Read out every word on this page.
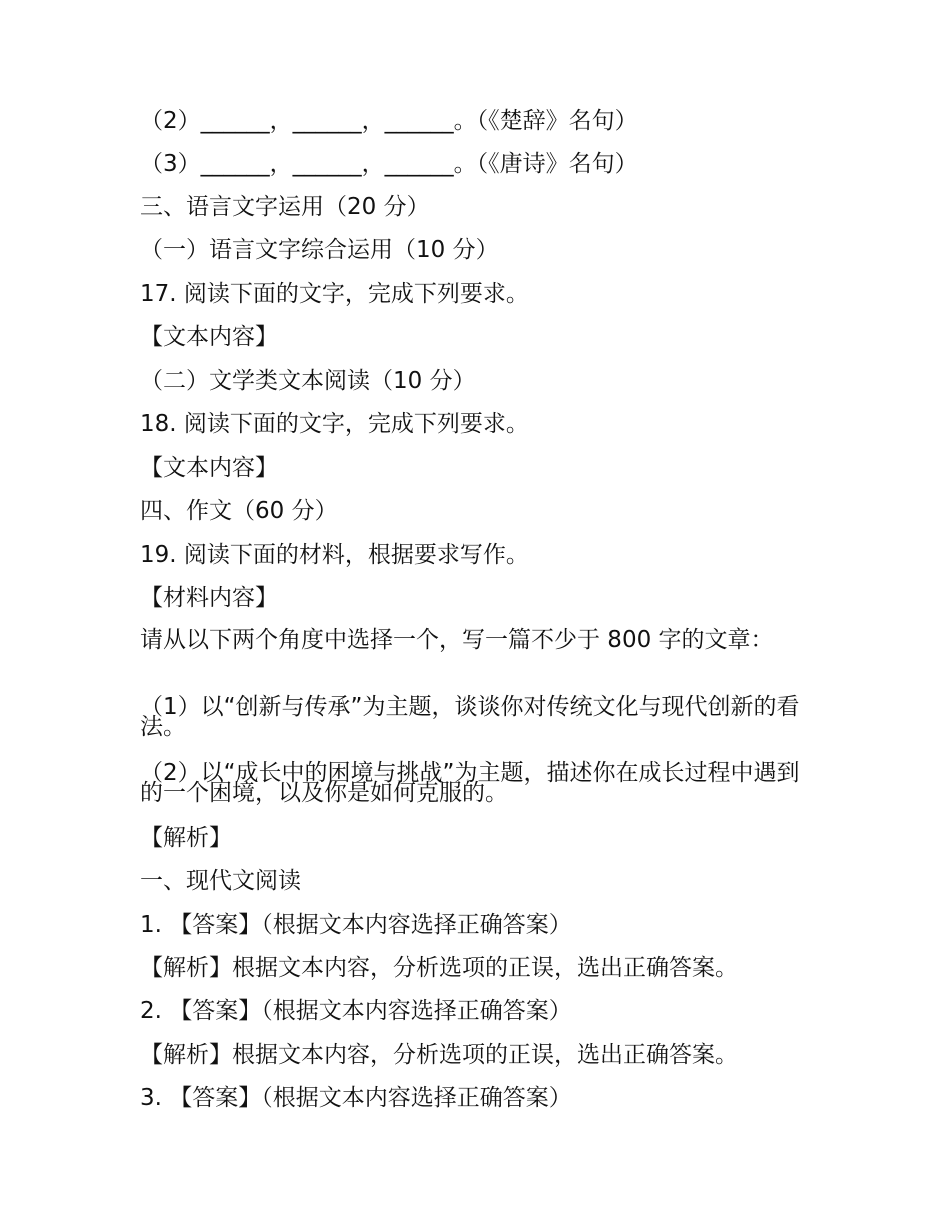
（2）______，______，______。（《楚辞》名句）
（3）______，______，______。（《唐诗》名句）
三、语言文字运用（20 分）
（一）语言文字综合运用（10 分）
17. 阅读下面的文字，完成下列要求。
【文本内容】
（二）文学类文本阅读（10 分）
18. 阅读下面的文字，完成下列要求。
【文本内容】
四、作文（60 分）
19. 阅读下面的材料，根据要求写作。
【材料内容】
请从以下两个角度中选择一个，写一篇不少于 800 字的文章：
（1）以“创新与传承”为主题，谈谈你对传统文化与现代创新的看法。
（2）以“成长中的困境与挑战”为主题，描述你在成长过程中遇到的一个困境，以及你是如何克服的。
【解析】
一、现代文阅读
1. 【答案】（根据文本内容选择正确答案）
【解析】根据文本内容，分析选项的正误，选出正确答案。
2. 【答案】（根据文本内容选择正确答案）
【解析】根据文本内容，分析选项的正误，选出正确答案。
3. 【答案】（根据文本内容选择正确答案）
